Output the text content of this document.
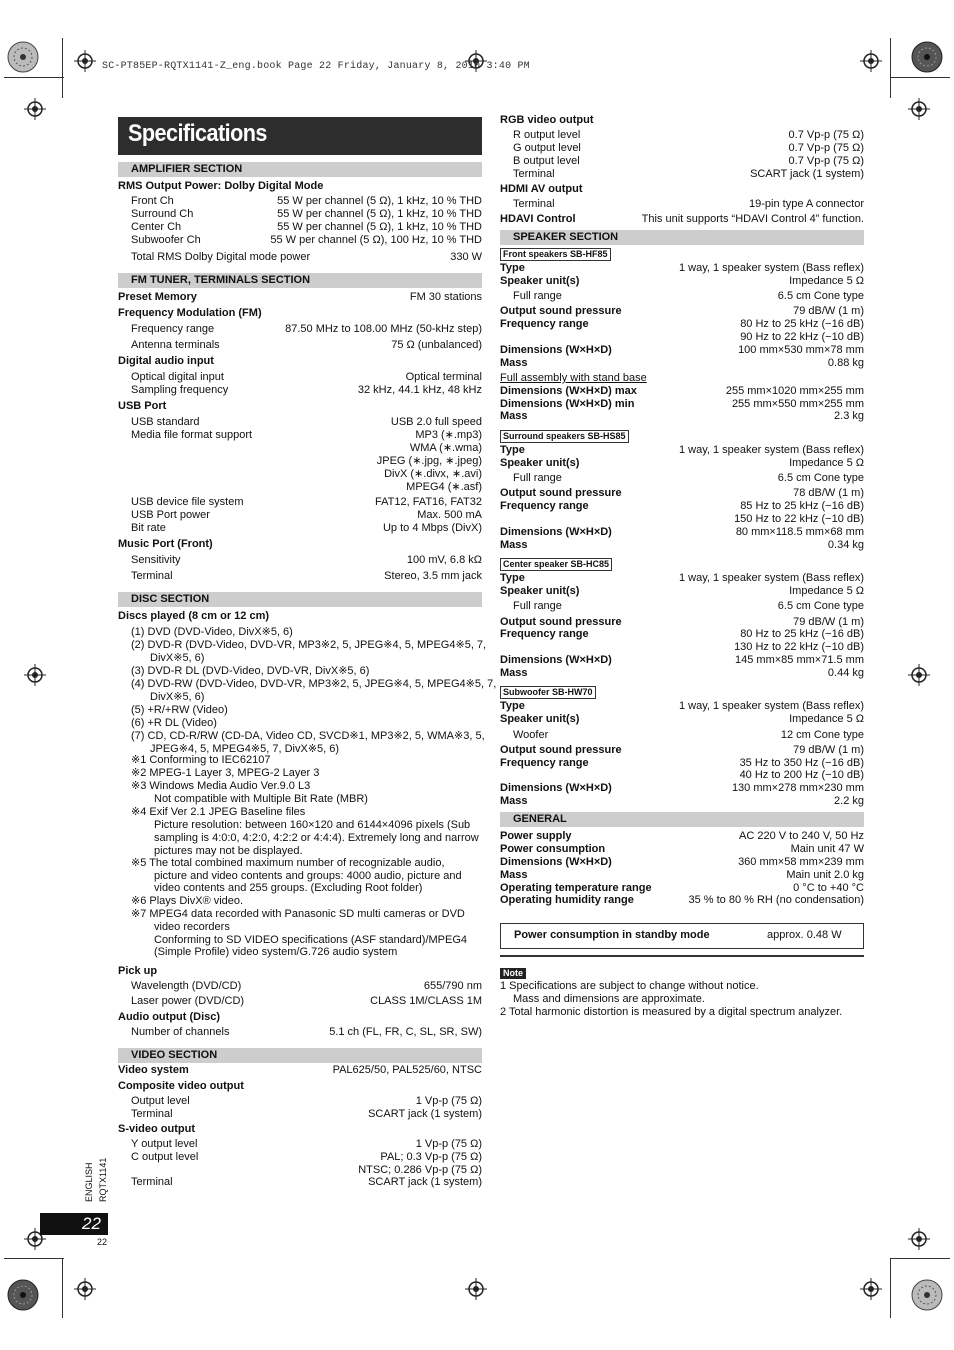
SC-PT85EP-RQTX1141-Z_eng.book Page 22 Friday, January 8, 2010 3:40 PM
Specifications
AMPLIFIER SECTION
RMS Output Power: Dolby Digital Mode
Front Ch	55 W per channel (5 Ω), 1 kHz, 10 % THD
Surround Ch	55 W per channel (5 Ω), 1 kHz, 10 % THD
Center Ch	55 W per channel (5 Ω), 1 kHz, 10 % THD
Subwoofer Ch	55 W per channel (5 Ω), 100 Hz, 10 % THD
Total RMS Dolby Digital mode power	330 W
FM TUNER, TERMINALS SECTION
Preset Memory	FM 30 stations
Frequency Modulation (FM)
Frequency range	87.50 MHz to 108.00 MHz (50-kHz step)
Antenna terminals	75 Ω (unbalanced)
Digital audio input
Optical digital input	Optical terminal
Sampling frequency	32 kHz, 44.1 kHz, 48 kHz
USB Port
USB standard	USB 2.0 full speed
Media file format support	MP3 (∗.mp3)
WMA (∗.wma)
JPEG (∗.jpg, ∗.jpeg)
DivX (∗.divx, ∗.avi)
MPEG4 (∗.asf)
USB device file system	FAT12, FAT16, FAT32
USB Port power	Max. 500 mA
Bit rate	Up to 4 Mbps (DivX)
Music Port (Front)
Sensitivity	100 mV, 6.8 kΩ
Terminal	Stereo, 3.5 mm jack
DISC SECTION
Discs played (8 cm or 12 cm)
(1) DVD (DVD-Video, DivX※5, 6)
(2) DVD-R (DVD-Video, DVD-VR, MP3※2, 5, JPEG※4, 5, MPEG4※5, 7,
DivX※5, 6)
(3) DVD-R DL (DVD-Video, DVD-VR, DivX※5, 6)
(4) DVD-RW (DVD-Video, DVD-VR, MP3※2, 5, JPEG※4, 5, MPEG4※5, 7,
DivX※5, 6)
(5) +R/+RW (Video)
(6) +R DL (Video)
(7) CD, CD-R/RW (CD-DA, Video CD, SVCD※1, MP3※2, 5, WMA※3, 5,
JPEG※4, 5, MPEG4※5, 7, DivX※5, 6)
※1 Conforming to IEC62107
※2 MPEG-1 Layer 3, MPEG-2 Layer 3
※3 Windows Media Audio Ver.9.0 L3
Not compatible with Multiple Bit Rate (MBR)
※4 Exif Ver 2.1 JPEG Baseline files
Picture resolution: between 160×120 and 6144×4096 pixels (Sub
sampling is 4:0:0, 4:2:0, 4:2:2 or 4:4:4). Extremely long and narrow
pictures may not be displayed.
※5 The total combined maximum number of recognizable audio,
picture and video contents and groups: 4000 audio, picture and
video contents and 255 groups. (Excluding Root folder)
※6 Plays DivX® video.
※7 MPEG4 data recorded with Panasonic SD multi cameras or DVD
video recorders
Conforming to SD VIDEO specifications (ASF standard)/MPEG4
(Simple Profile) video system/G.726 audio system
Pick up
Wavelength (DVD/CD)	655/790 nm
Laser power (DVD/CD)	CLASS 1M/CLASS 1M
Audio output (Disc)
Number of channels	5.1 ch (FL, FR, C, SL, SR, SW)
VIDEO SECTION
Video system	PAL625/50, PAL525/60, NTSC
Composite video output
Output level	1 Vp-p (75 Ω)
Terminal	SCART jack (1 system)
S-video output
Y output level	1 Vp-p (75 Ω)
C output level	PAL; 0.3 Vp-p (75 Ω)
NTSC; 0.286 Vp-p (75 Ω)
Terminal	SCART jack (1 system)
RGB video output
R output level	0.7 Vp-p (75 Ω)
G output level	0.7 Vp-p (75 Ω)
B output level	0.7 Vp-p (75 Ω)
Terminal	SCART jack (1 system)
HDMI AV output
Terminal	19-pin type A connector
HDAVI Control	This unit supports “HDAVI Control 4” function.
SPEAKER SECTION
Front speakers SB-HF85
Type	1 way, 1 speaker system (Bass reflex)
Speaker unit(s)	Impedance 5 Ω
Full range	6.5 cm Cone type
Output sound pressure	79 dB/W (1 m)
Frequency range	80 Hz to 25 kHz (−16 dB)
90 Hz to 22 kHz (−10 dB)
Dimensions (W×H×D)	100 mm×530 mm×78 mm
Mass	0.88 kg
Full assembly with stand base
Dimensions (W×H×D) max	255 mm×1020 mm×255 mm
Dimensions (W×H×D) min	255 mm×550 mm×255 mm
Mass	2.3 kg
Surround speakers SB-HS85
Type	1 way, 1 speaker system (Bass reflex)
Speaker unit(s)	Impedance 5 Ω
Full range	6.5 cm Cone type
Output sound pressure	78 dB/W (1 m)
Frequency range	85 Hz to 25 kHz (−16 dB)
150 Hz to 22 kHz (−10 dB)
Dimensions (W×H×D)	80 mm×118.5 mm×68 mm
Mass	0.34 kg
Center speaker SB-HC85
Type	1 way, 1 speaker system (Bass reflex)
Speaker unit(s)	Impedance 5 Ω
Full range	6.5 cm Cone type
Output sound pressure	79 dB/W (1 m)
Frequency range	80 Hz to 25 kHz (−16 dB)
130 Hz to 22 kHz (−10 dB)
Dimensions (W×H×D)	145 mm×85 mm×71.5 mm
Mass	0.44 kg
Subwoofer SB-HW70
Type	1 way, 1 speaker system (Bass reflex)
Speaker unit(s)	Impedance 5 Ω
Woofer	12 cm Cone type
Output sound pressure	79 dB/W (1 m)
Frequency range	35 Hz to 350 Hz (−16 dB)
40 Hz to 200 Hz (−10 dB)
Dimensions (W×H×D)	130 mm×278 mm×230 mm
Mass	2.2 kg
GENERAL
Power supply	AC 220 V to 240 V, 50 Hz
Power consumption	Main unit 47 W
Dimensions (W×H×D)	360 mm×58 mm×239 mm
Mass	Main unit 2.0 kg
Operating temperature range	0 °C to +40 °C
Operating humidity range	35 % to 80 % RH (no condensation)
Power consumption in standby mode	approx. 0.48 W
Note
1 Specifications are subject to change without notice.
Mass and dimensions are approximate.
2 Total harmonic distortion is measured by a digital spectrum analyzer.
ENGLISH RQTX1141
22
22
